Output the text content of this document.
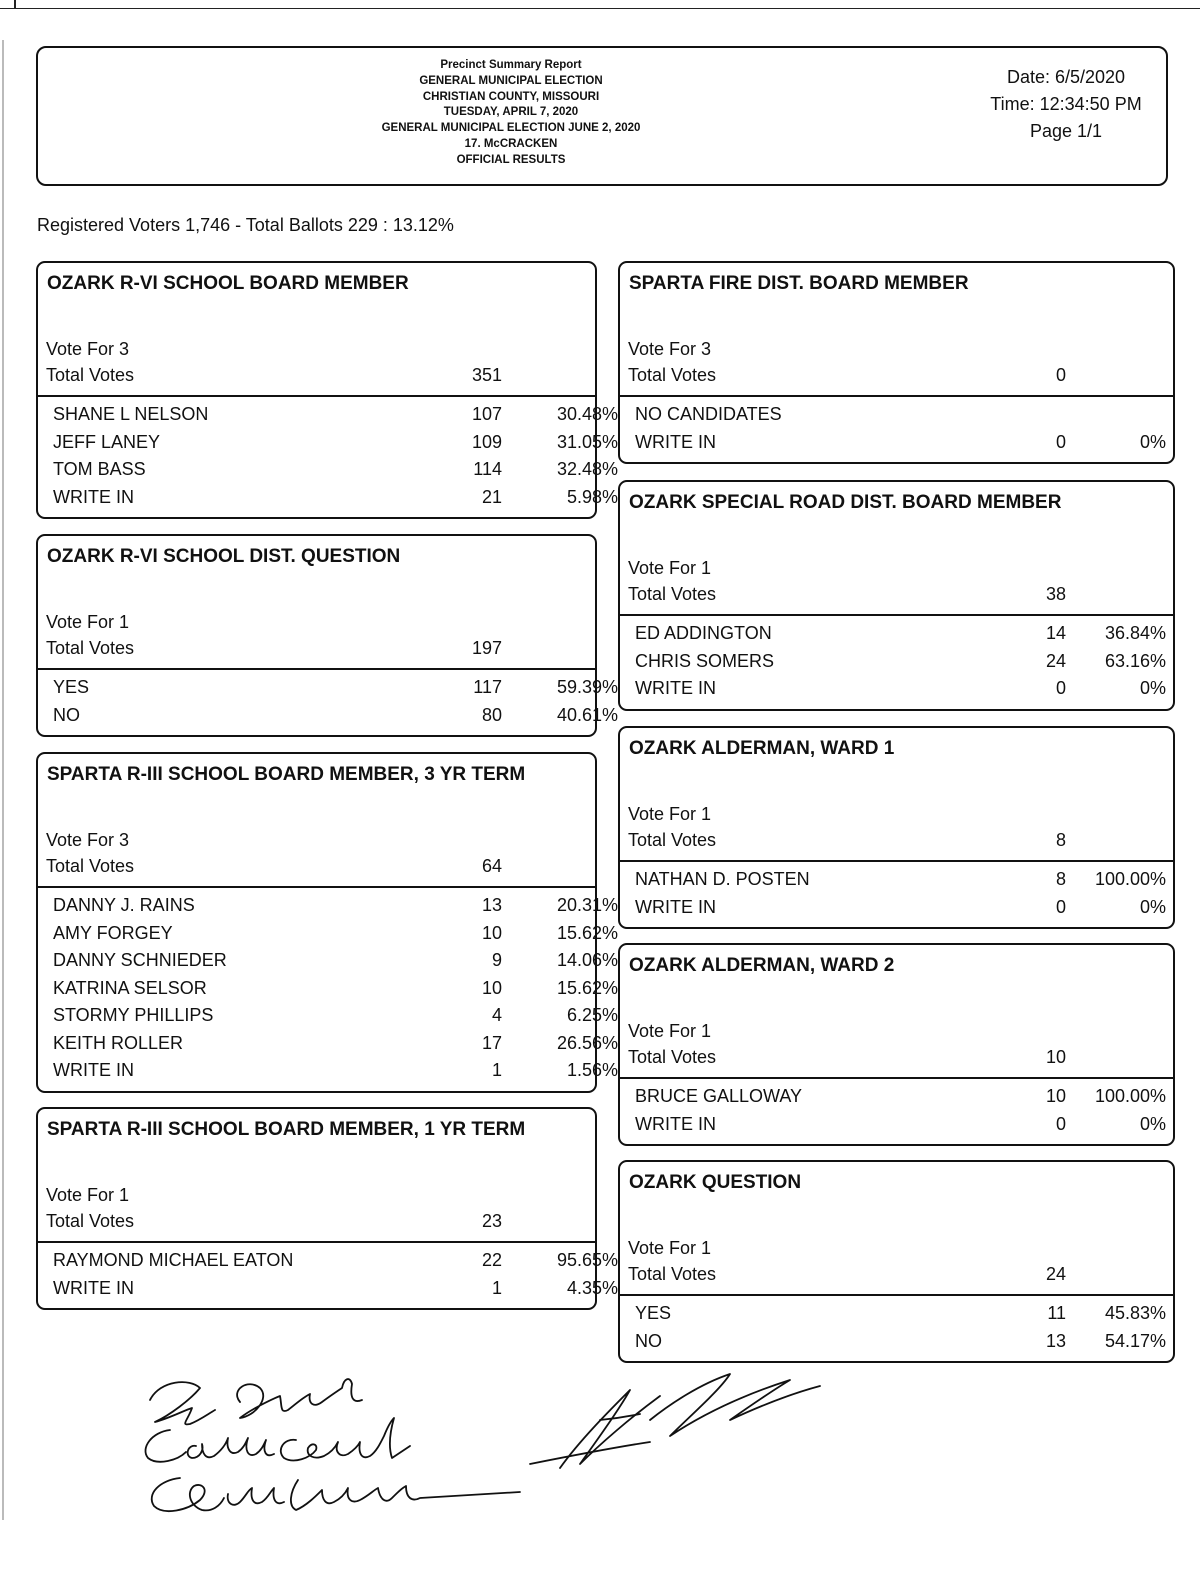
Precinct Summary Report
GENERAL MUNICIPAL ELECTION
CHRISTIAN COUNTY, MISSOURI
TUESDAY, APRIL 7, 2020
GENERAL MUNICIPAL ELECTION JUNE 2, 2020
17. McCRACKEN
OFFICIAL RESULTS
Date: 6/5/2020
Time: 12:34:50 PM
Page 1/1
Registered Voters 1,746 - Total Ballots 229 : 13.12%
OZARK R-VI SCHOOL BOARD MEMBER
Vote For 3
Total Votes	351
SHANE L NELSON	107	30.48%
JEFF LANEY	109	31.05%
TOM BASS	114	32.48%
WRITE IN	21	5.98%
OZARK R-VI SCHOOL DIST. QUESTION
Vote For 1
Total Votes	197
YES	117	59.39%
NO	80	40.61%
SPARTA R-III SCHOOL BOARD MEMBER, 3 YR TERM
Vote For 3
Total Votes	64
DANNY J. RAINS	13	20.31%
AMY FORGEY	10	15.62%
DANNY SCHNIEDER	9	14.06%
KATRINA SELSOR	10	15.62%
STORMY PHILLIPS	4	6.25%
KEITH ROLLER	17	26.56%
WRITE IN	1	1.56%
SPARTA R-III SCHOOL BOARD MEMBER, 1 YR TERM
Vote For 1
Total Votes	23
RAYMOND MICHAEL EATON	22	95.65%
WRITE IN	1	4.35%
SPARTA FIRE DIST. BOARD MEMBER
Vote For 3
Total Votes	0
NO CANDIDATES
WRITE IN	0	0%
OZARK SPECIAL ROAD DIST. BOARD MEMBER
Vote For 1
Total Votes	38
ED ADDINGTON	14	36.84%
CHRIS SOMERS	24	63.16%
WRITE IN	0	0%
OZARK ALDERMAN, WARD 1
Vote For 1
Total Votes	8
NATHAN D. POSTEN	8	100.00%
WRITE IN	0	0%
OZARK ALDERMAN, WARD 2
Vote For 1
Total Votes	10
BRUCE GALLOWAY	10	100.00%
WRITE IN	0	0%
OZARK QUESTION
Vote For 1
Total Votes	24
YES	11	45.83%
NO	13	54.17%
